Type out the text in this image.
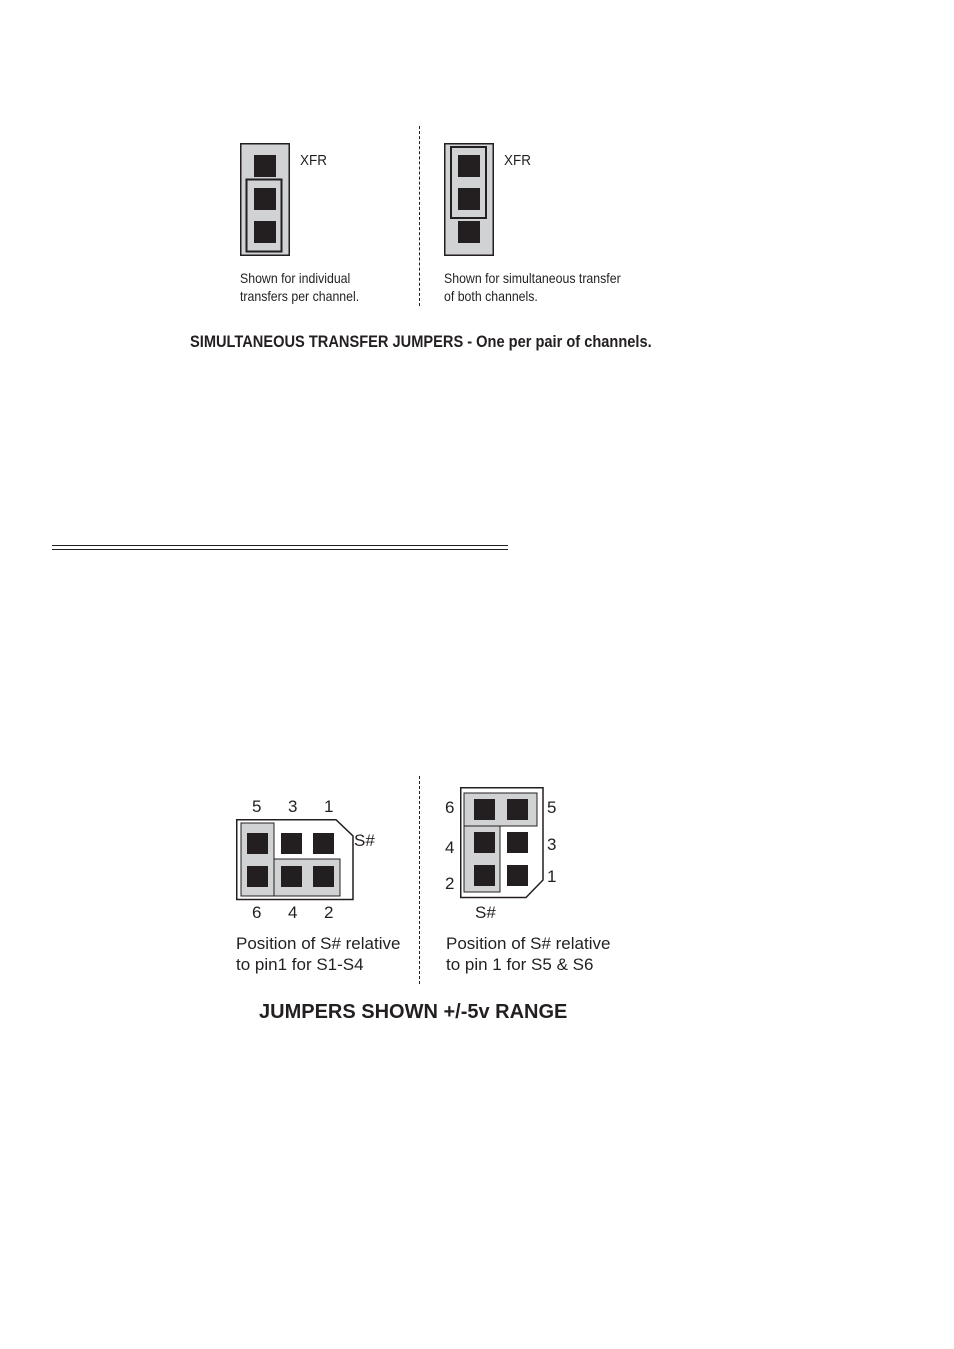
XFR
Shown for individual
transfers per channel.
XFR
Shown for simultaneous transfer
of both channels.
SIMULTANEOUS TRANSFER JUMPERS - One per pair of channels.
5 3 1
S#
6 4 2
Position of S# relative
to pin1 for S1-S4
6
4
2
5
3
1
S#
Position of S# relative
to pin 1 for S5 & S6
JUMPERS SHOWN +/-5v RANGE
